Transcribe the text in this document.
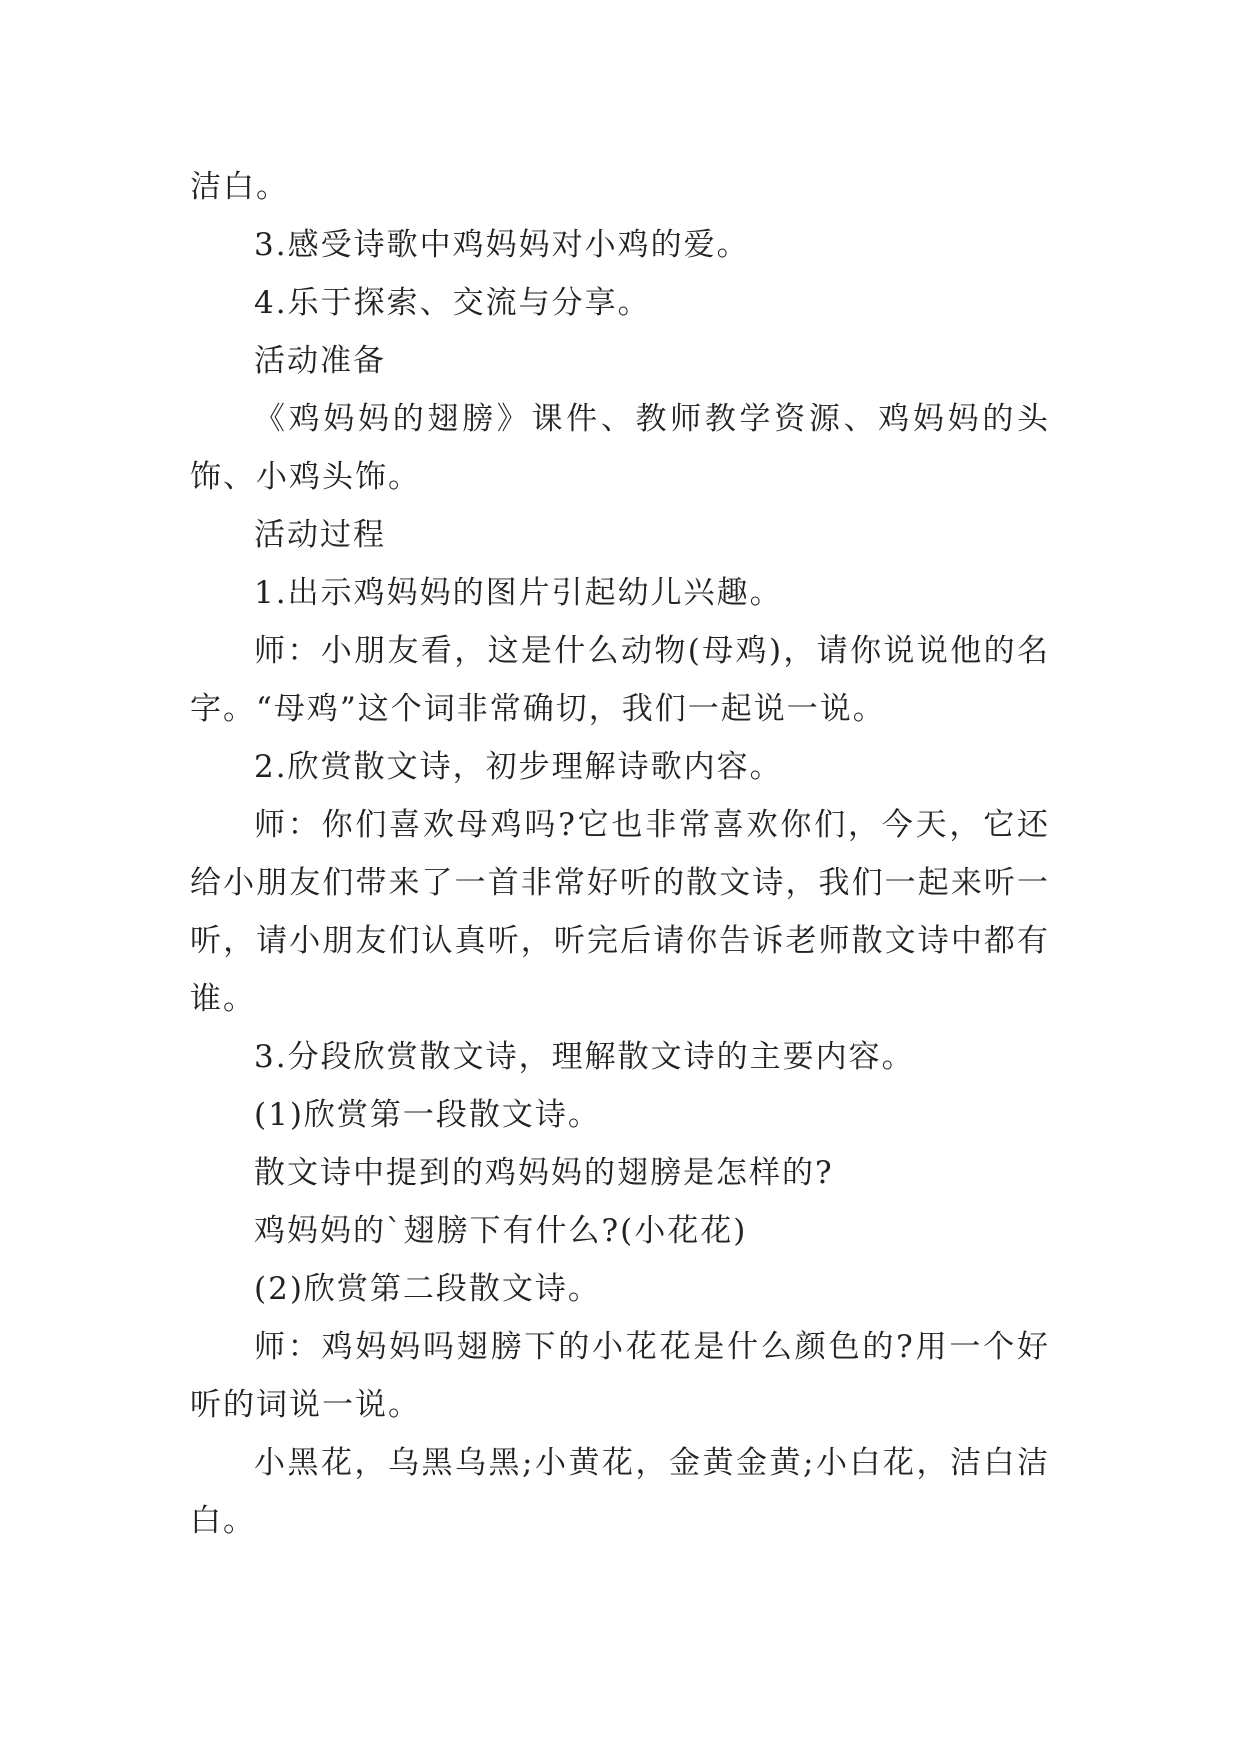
洁白。

3.感受诗歌中鸡妈妈对小鸡的爱。

4.乐于探索、交流与分享。

活动准备

《鸡妈妈的翅膀》课件、教师教学资源、鸡妈妈的头饰、小鸡头饰。

活动过程

1.出示鸡妈妈的图片引起幼儿兴趣。

师：小朋友看，这是什么动物(母鸡)，请你说说他的名字。“母鸡”这个词非常确切，我们一起说一说。

2.欣赏散文诗，初步理解诗歌内容。

师：你们喜欢母鸡吗?它也非常喜欢你们，今天，它还给小朋友们带来了一首非常好听的散文诗，我们一起来听一听，请小朋友们认真听，听完后请你告诉老师散文诗中都有谁。

3.分段欣赏散文诗，理解散文诗的主要内容。

(1)欣赏第一段散文诗。

散文诗中提到的鸡妈妈的翅膀是怎样的?

鸡妈妈的`翅膀下有什么?(小花花)

(2)欣赏第二段散文诗。

师：鸡妈妈吗翅膀下的小花花是什么颜色的?用一个好听的词说一说。

小黑花，乌黑乌黑;小黄花，金黄金黄;小白花，洁白洁白。
